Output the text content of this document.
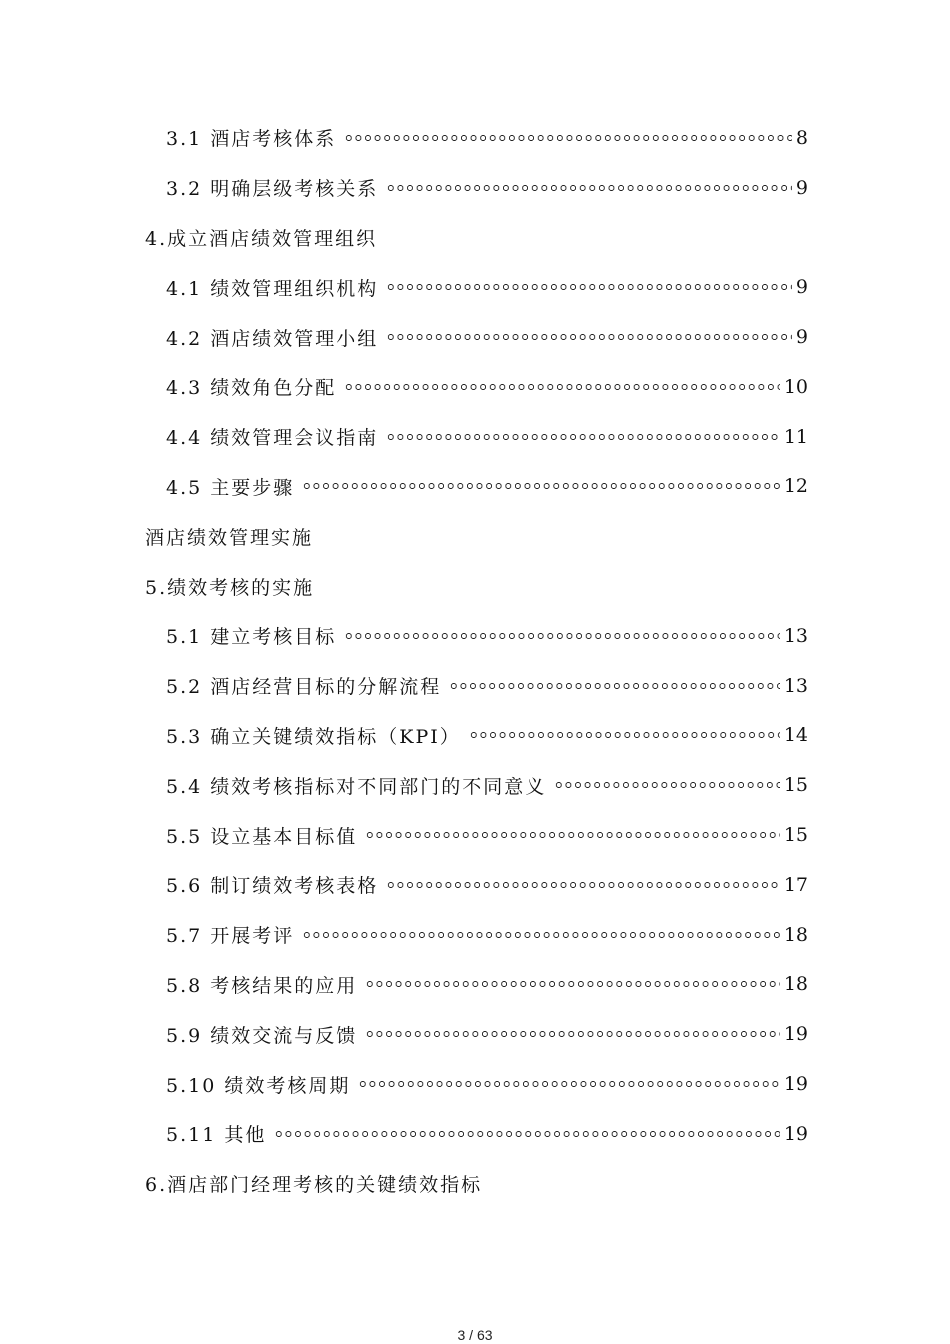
3.1 酒店考核体系	8
3.2 明确层级考核关系	9
4.成立酒店绩效管理组织
4.1 绩效管理组织机构	9
4.2 酒店绩效管理小组	9
4.3 绩效角色分配	10
4.4 绩效管理会议指南	11
4.5 主要步骤	12
酒店绩效管理实施
5.绩效考核的实施
5.1 建立考核目标	13
5.2 酒店经营目标的分解流程	13
5.3 确立关键绩效指标（KPI）	14
5.4 绩效考核指标对不同部门的不同意义	15
5.5 设立基本目标值	15
5.6 制订绩效考核表格	17
5.7 开展考评	18
5.8 考核结果的应用	18
5.9 绩效交流与反馈	19
5.10 绩效考核周期	19
5.11 其他	19
6.酒店部门经理考核的关键绩效指标
3 / 63
